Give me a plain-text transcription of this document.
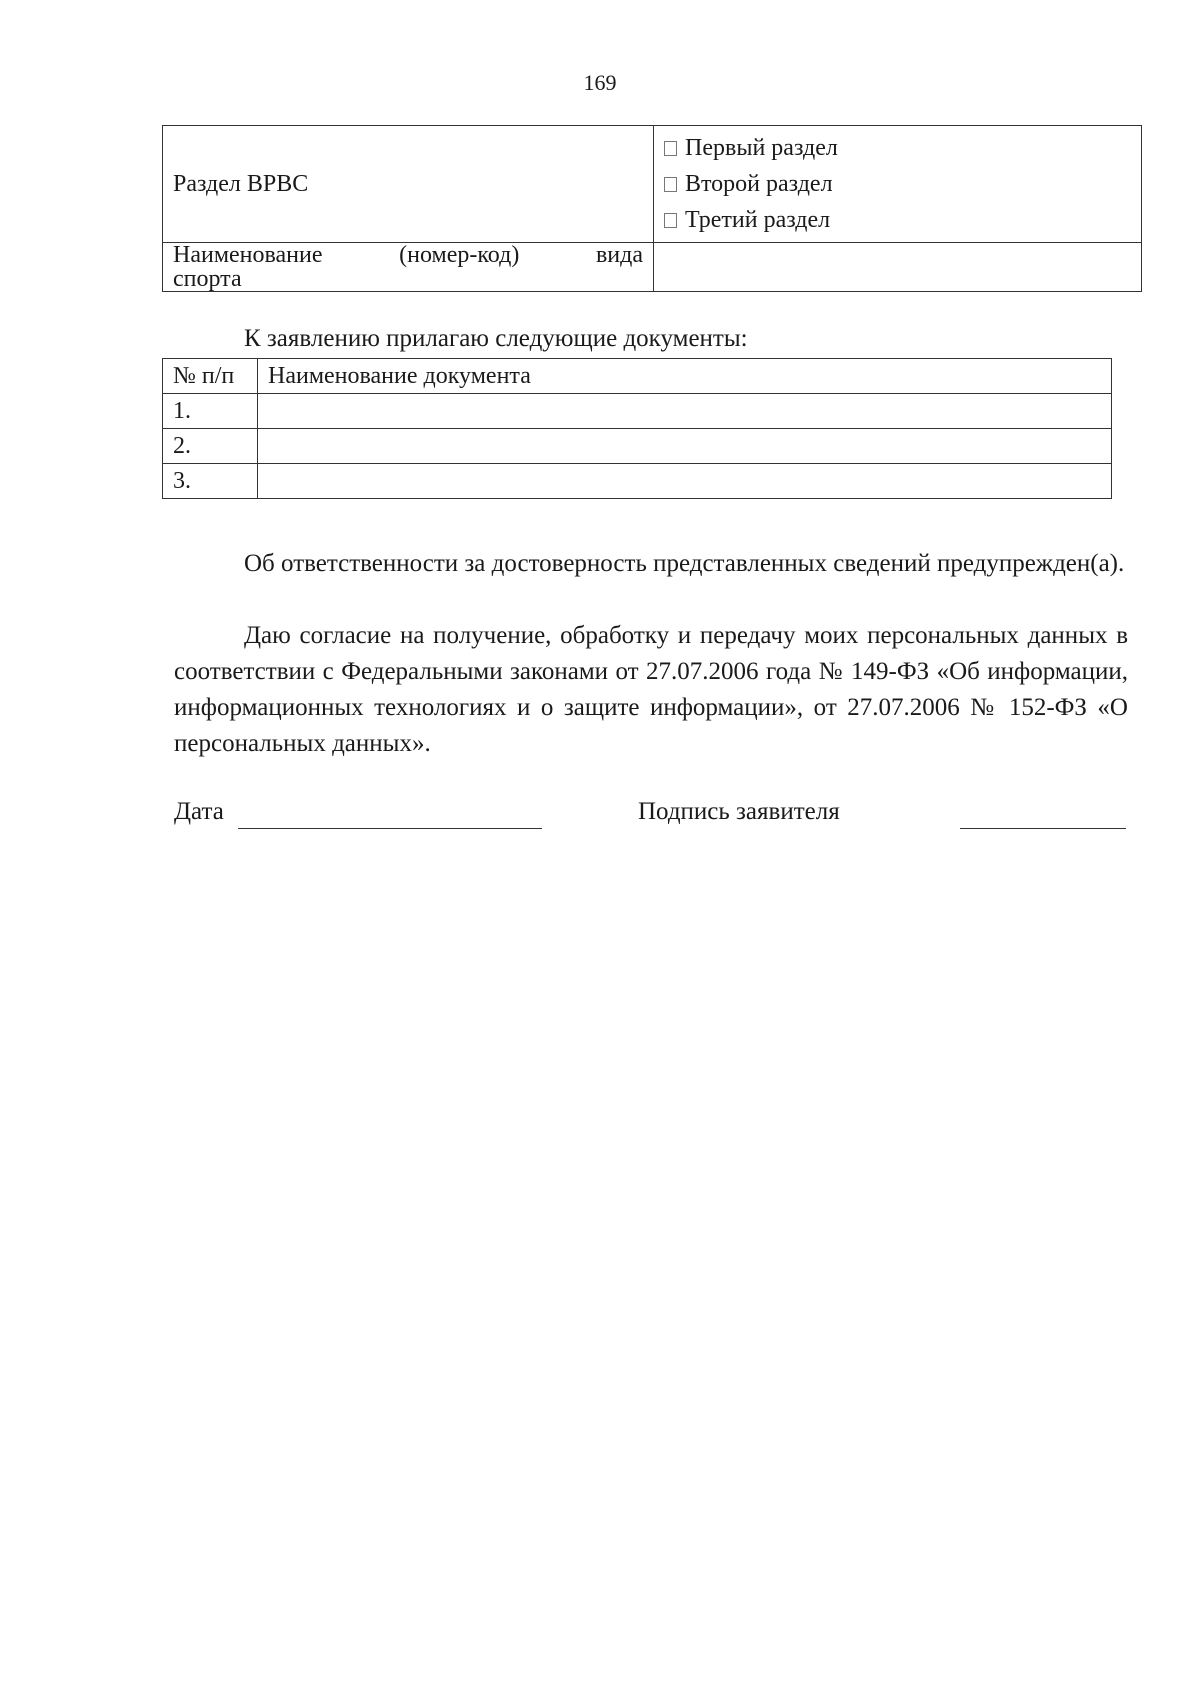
169
Раздел ВРВС	Первый раздел
Второй раздел
Третий раздел

Наименование (номер-код) вида
спорта	

К заявлению прилагаю следующие документы:
№ п/п	Наименование документа
1.	
2.	
3.	

Об ответственности за достоверность представленных сведений предупрежден(а).

Даю согласие на получение, обработку и передачу моих персональных данных в соответствии с Федеральными законами от 27.07.2006 года № 149-ФЗ «Об информации, информационных технологиях и о защите информации», от 27.07.2006 № 152-ФЗ «О персональных данных».

Дата	Подпись заявителя
